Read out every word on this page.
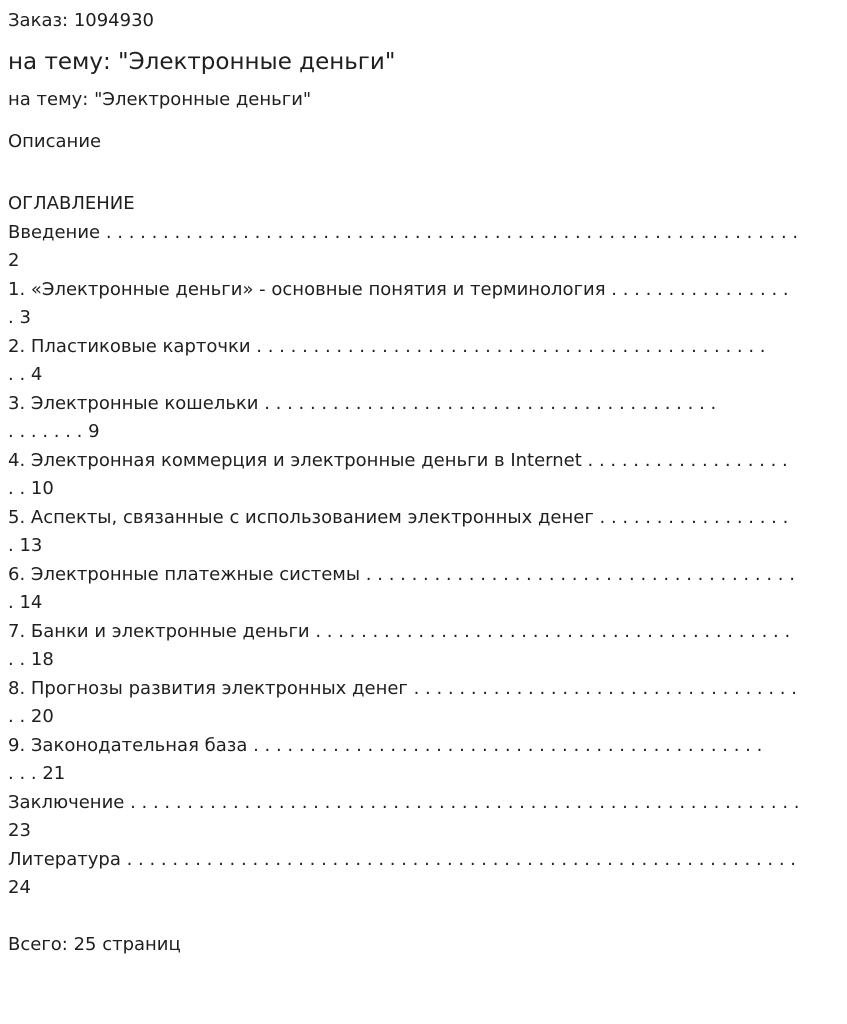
Заказ: 1094930
на тему: "Электронные деньги"
на тему: "Электронные деньги"
Описание
ОГЛАВЛЕНИЕ
Введение . . . . . . . . . . . . . . . . . . . . . . . . . . . . . . . . . . . . . . . . . . . . . . . . . . . . . . . . . . . . .
2
1. «Электронные деньги» - основные понятия и терминология . . . . . . . . . . . . . . . .
. 3
2. Пластиковые карточки . . . . . . . . . . . . . . . . . . . . . . . . . . . . . . . . . . . . . . . . . . . . .
. . 4
3. Электронные кошельки . . . . . . . . . . . . . . . . . . . . . . . . . . . . . . . . . . . . . . . .
. . . . . . . 9
4. Электронная коммерция и электронные деньги в Internet . . . . . . . . . . . . . . . . . .
. . 10
5. Аспекты, связанные с использованием электронных денег . . . . . . . . . . . . . . . . .
. 13
6. Электронные платежные системы . . . . . . . . . . . . . . . . . . . . . . . . . . . . . . . . . . . . . .
. 14
7. Банки и электронные деньги . . . . . . . . . . . . . . . . . . . . . . . . . . . . . . . . . . . . . . . . . .
. . 18
8. Прогнозы развития электронных денег . . . . . . . . . . . . . . . . . . . . . . . . . . . . . . . . . .
. . 20
9. Законодательная база . . . . . . . . . . . . . . . . . . . . . . . . . . . . . . . . . . . . . . . . . . . . .
. . . 21
Заключение . . . . . . . . . . . . . . . . . . . . . . . . . . . . . . . . . . . . . . . . . . . . . . . . . . . . . . . . . . .
23
Литература . . . . . . . . . . . . . . . . . . . . . . . . . . . . . . . . . . . . . . . . . . . . . . . . . . . . . . . . . . .
24
Всего: 25 страниц
